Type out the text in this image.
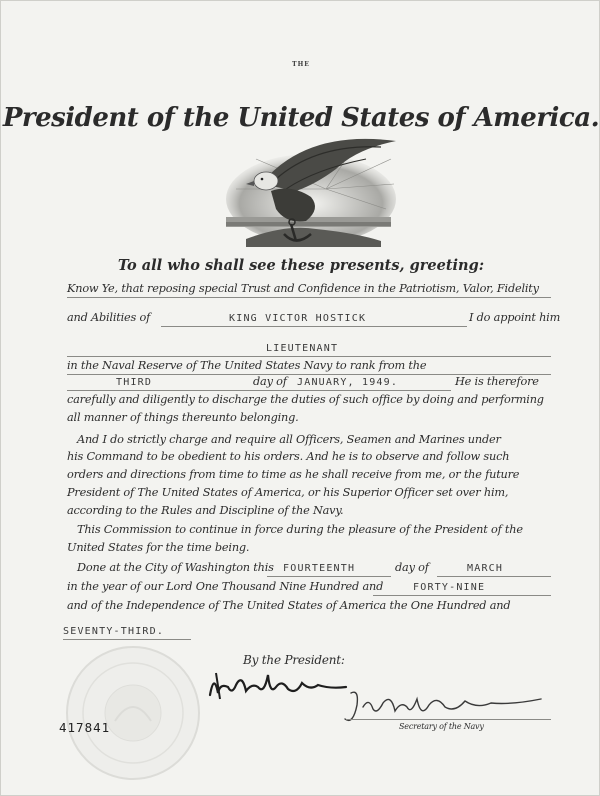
THE
President of the United States of America.
To all who shall see these presents, greeting:
Know Ye, that reposing special Trust and Confidence in the Patriotism, Valor, Fidelity
and Abilities of	KING VICTOR HOSTICK	I do appoint him
LIEUTENANT
in the Naval Reserve of The United States Navy to rank from the
THIRD	day of JANUARY, 1949.	He is therefore
carefully and diligently to discharge the duties of such office by doing and performing
all manner of things thereunto belonging.
And I do strictly charge and require all Officers, Seamen and Marines under
his Command to be obedient to his orders. And he is to observe and follow such
orders and directions from time to time as he shall receive from me, or the future
President of The United States of America, or his Superior Officer set over him,
according to the Rules and Discipline of the Navy.
This Commission to continue in force during the pleasure of the President of the
United States for the time being.
Done at the City of Washington this FOURTEENTH	day of	MARCH
in the year of our Lord One Thousand Nine Hundred and	FORTY-NINE
and of the Independence of The United States of America the One Hundred and
SEVENTY-THIRD.
417841
By the President:
Secretary of the Navy
